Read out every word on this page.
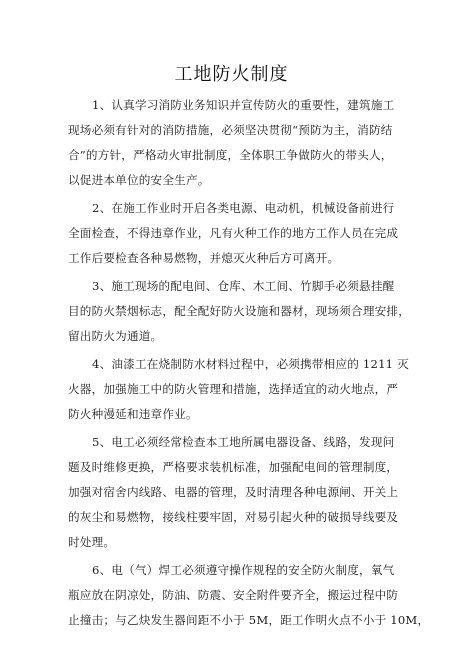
工地防火制度
1、认真学习消防业务知识并宣传防火的重要性，建筑施工
现场必须有针对的消防措施，必须坚决贯彻“预防为主，消防结
合”的方针，严格动火审批制度，全体职工争做防火的带头人，
以促进本单位的安全生产。
2、在施工作业时开启各类电源、电动机，机械设备前进行
全面检查，不得违章作业，凡有火种工作的地方工作人员在完成
工作后要检查各种易燃物，并熄灭火种后方可离开。
3、施工现场的配电间、仓库、木工间、竹脚手必须悬挂醒
目的防火禁烟标志，配全配好防火设施和器材，现场须合理安排，
留出防火为通道。
4、油漆工在烧制防水材料过程中，必须携带相应的 1211 灭
火器，加强施工中的防火管理和措施，选择适宜的动火地点，严
防火种漫延和违章作业。
5、电工必须经常检查本工地所属电器设备、线路，发现问
题及时维修更换，严格要求装机标准，加强配电间的管理制度，
加强对宿舍内线路、电器的管理，及时清理各种电源闸、开关上
的灰尘和易燃物，接线柱要牢固，对易引起火种的破损导线要及
时处理。
6、电（气）焊工必须遵守操作规程的安全防火制度，氧气
瓶应放在阴凉处，防油、防震、安全附件要齐全，搬运过程中防
止撞击；与乙炔发生器间距不小于 5M，距工作明火点不小于 10M，
